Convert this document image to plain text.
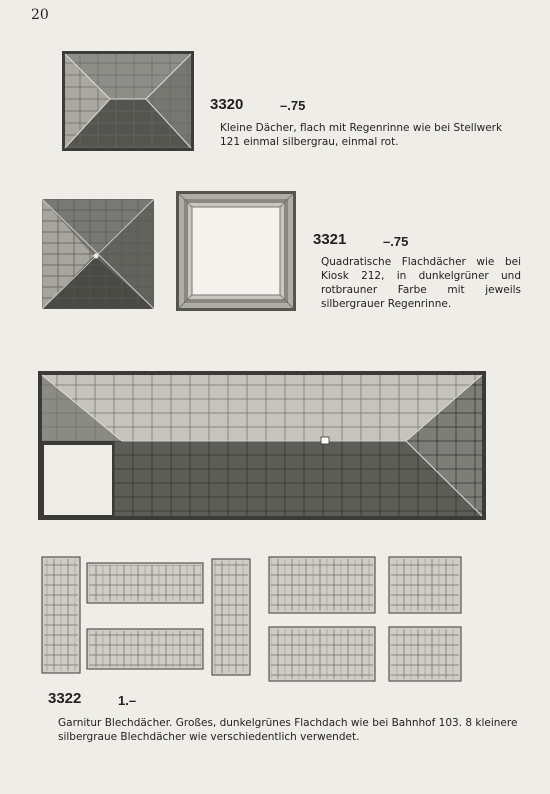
20
3320	–.75
Kleine Dächer, flach mit Regenrinne wie bei Stellwerk 121 einmal silbergrau, einmal rot.
3321	–.75
Quadratische Flachdächer wie bei Kiosk 212, in dunkelgrüner und rotbrauner Farbe mit jeweils silbergrauer Regenrinne.
3322	1.–
Garnitur Blechdächer. Großes, dunkelgrünes Flachdach wie bei Bahnhof 103. 8 kleinere silbergraue Blechdächer wie verschiedentlich verwendet.
